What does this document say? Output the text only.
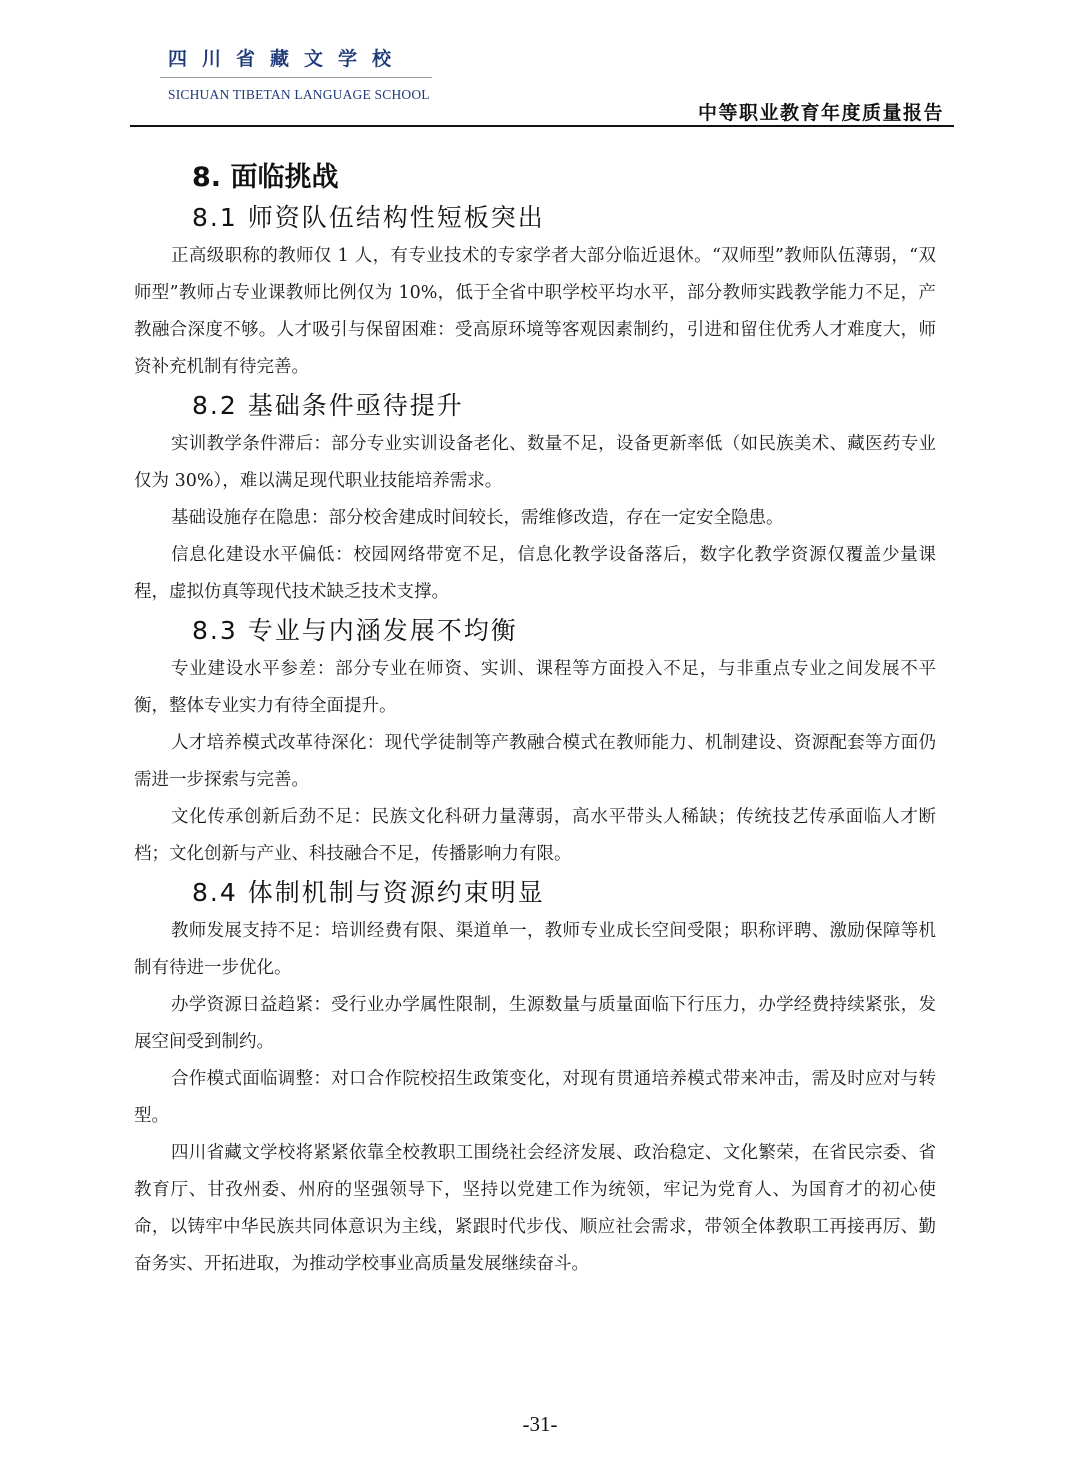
四川省藏文学校
SICHUAN TIBETAN LANGUAGE SCHOOL
中等职业教育年度质量报告
8. 面临挑战
8.1 师资队伍结构性短板突出

正高级职称的教师仅 1 人，有专业技术的专家学者大部分临近退休。“双师型”教师队伍薄弱，“双师型”教师占专业课教师比例仅为 10%，低于全省中职学校平均水平，部分教师实践教学能力不足，产教融合深度不够。人才吸引与保留困难：受高原环境等客观因素制约，引进和留住优秀人才难度大，师资补充机制有待完善。

8.2 基础条件亟待提升

实训教学条件滞后：部分专业实训设备老化、数量不足，设备更新率低（如民族美术、藏医药专业仅为 30%），难以满足现代职业技能培养需求。

基础设施存在隐患：部分校舍建成时间较长，需维修改造，存在一定安全隐患。

信息化建设水平偏低：校园网络带宽不足，信息化教学设备落后，数字化教学资源仅覆盖少量课程，虚拟仿真等现代技术缺乏技术支撑。

8.3 专业与内涵发展不均衡

专业建设水平参差：部分专业在师资、实训、课程等方面投入不足，与非重点专业之间发展不平衡，整体专业实力有待全面提升。

人才培养模式改革待深化：现代学徒制等产教融合模式在教师能力、机制建设、资源配套等方面仍需进一步探索与完善。

文化传承创新后劲不足：民族文化科研力量薄弱，高水平带头人稀缺；传统技艺传承面临人才断档；文化创新与产业、科技融合不足，传播影响力有限。

8.4 体制机制与资源约束明显

教师发展支持不足：培训经费有限、渠道单一，教师专业成长空间受限；职称评聘、激励保障等机制有待进一步优化。

办学资源日益趋紧：受行业办学属性限制，生源数量与质量面临下行压力，办学经费持续紧张，发展空间受到制约。

合作模式面临调整：对口合作院校招生政策变化，对现有贯通培养模式带来冲击，需及时应对与转型。

四川省藏文学校将紧紧依靠全校教职工围绕社会经济发展、政治稳定、文化繁荣，在省民宗委、省教育厅、甘孜州委、州府的坚强领导下，坚持以党建工作为统领，牢记为党育人、为国育才的初心使命，以铸牢中华民族共同体意识为主线，紧跟时代步伐、顺应社会需求，带领全体教职工再接再厉、勤奋务实、开拓进取，为推动学校事业高质量发展继续奋斗。

-31-
